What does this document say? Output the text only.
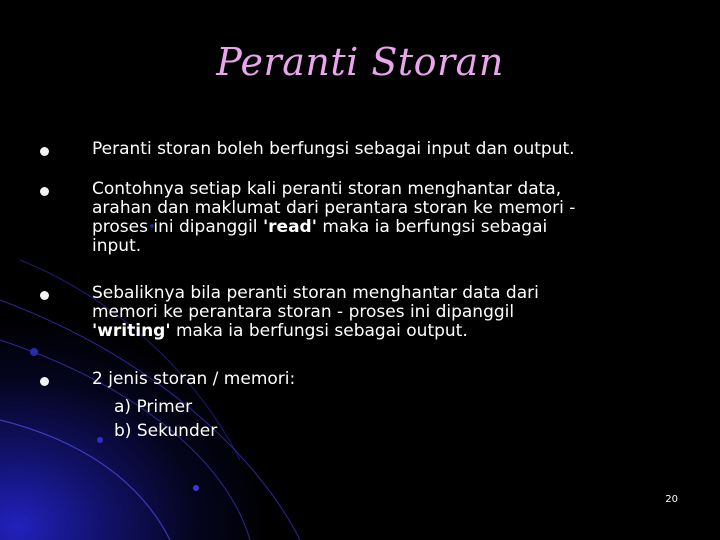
Peranti Storan
Peranti storan boleh berfungsi sebagai input dan output.
Contohnya setiap kali peranti storan menghantar data,
arahan dan maklumat dari perantara storan ke memori -
proses ini dipanggil 'read' maka ia berfungsi sebagai
input.
Sebaliknya bila peranti storan menghantar data dari
memori ke perantara storan - proses ini dipanggil
'writing' maka ia berfungsi sebagai output.
2 jenis storan / memori:
a) Primer
b) Sekunder
20
